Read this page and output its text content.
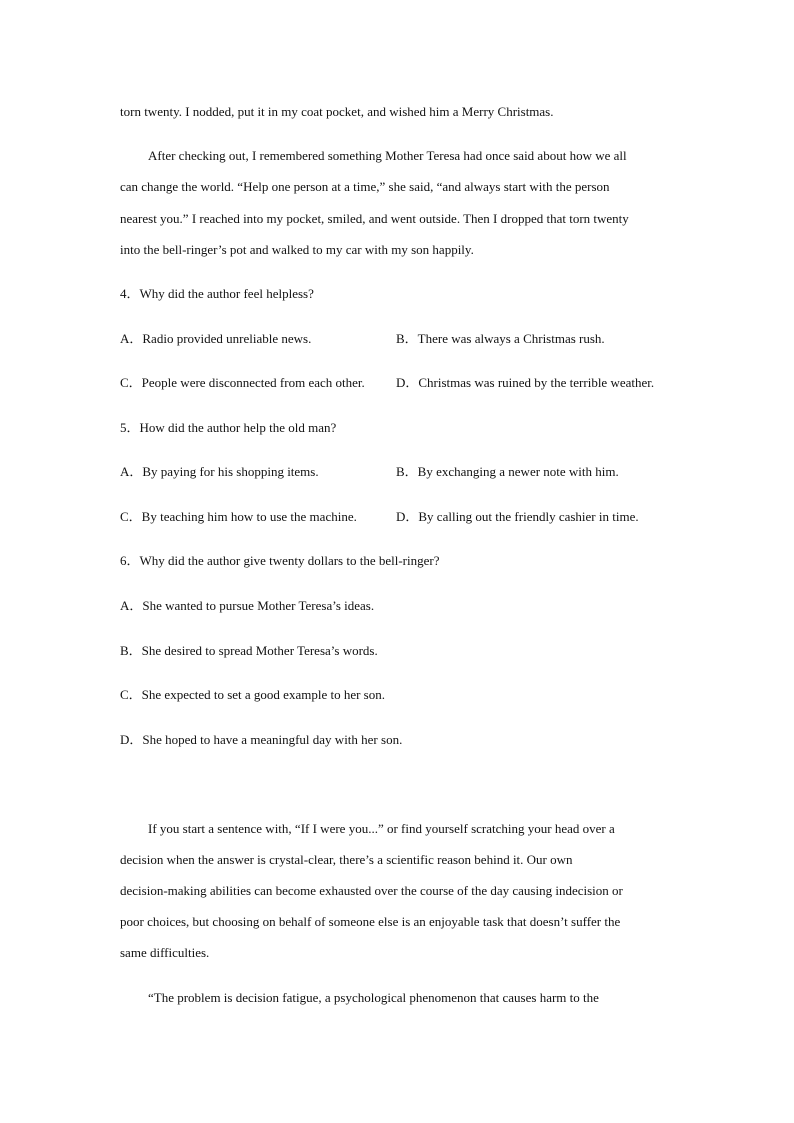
torn twenty. I nodded, put it in my coat pocket, and wished him a Merry Christmas.
After checking out, I remembered something Mother Teresa had once said about how we all
can change the world. “Help one person at a time,” she said, “and always start with the person
nearest you.” I reached into my pocket, smiled, and went outside. Then I dropped that torn twenty
into the bell-ringer’s pot and walked to my car with my son happily.
4．Why did the author feel helpless?
A．Radio provided unreliable news.	B．There was always a Christmas rush.
C．People were disconnected from each other. D．Christmas was ruined by the terrible weather.
5．How did the author help the old man?
A．By paying for his shopping items.	B．By exchanging a newer note with him.
C．By teaching him how to use the machine.	D．By calling out the friendly cashier in time.
6．Why did the author give twenty dollars to the bell-ringer?
A．She wanted to pursue Mother Teresa’s ideas.
B．She desired to spread Mother Teresa’s words.
C．She expected to set a good example to her son.
D．She hoped to have a meaningful day with her son.
If you start a sentence with, “If I were you...” or find yourself scratching your head over a
decision when the answer is crystal-clear, there’s a scientific reason behind it. Our own
decision-making abilities can become exhausted over the course of the day causing indecision or
poor choices, but choosing on behalf of someone else is an enjoyable task that doesn’t suffer the
same difficulties.
“The problem is decision fatigue, a psychological phenomenon that causes harm to the
